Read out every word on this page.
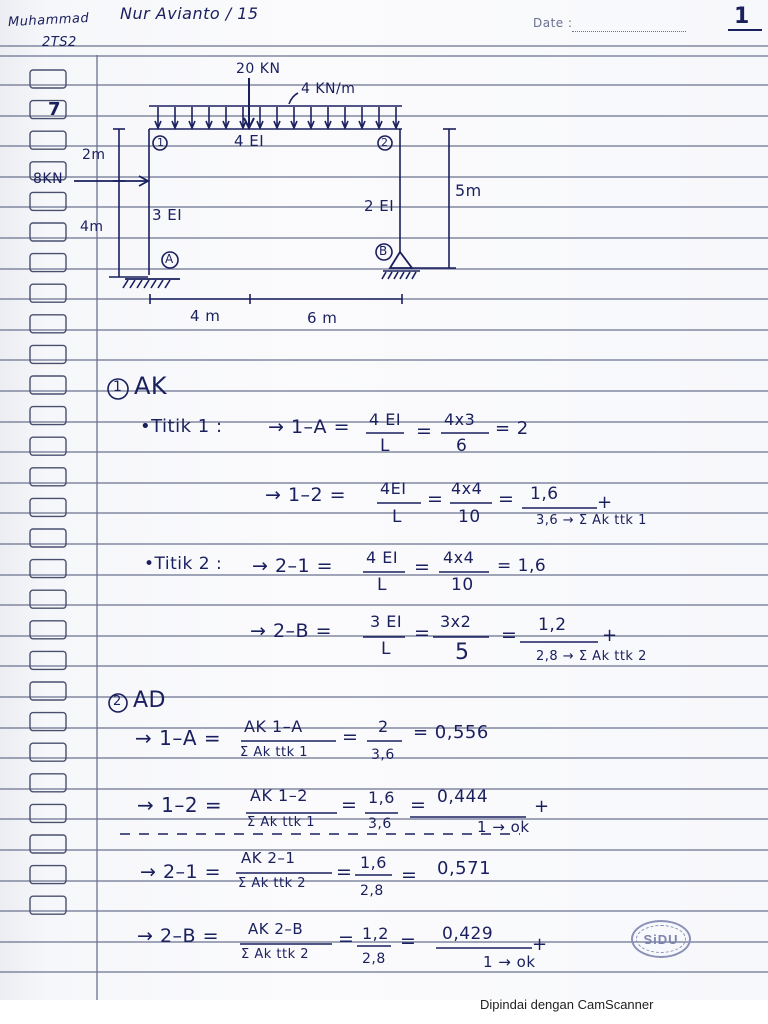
Muhammad Nur Avianto / 15
2TS2
Date :	1
7
20 KN
4 KN/m
1	2
4 EI
8KN
2m
4m
3 EI	2 EI
5m
A
B
4 m	6 m
1 AK
•Titik 1 : → 1–A = 4 EI
L
=
4x3
6
= 2
→ 1–2 = 4EI
L
= 4x4
10
= 1,6 +
3,6 → Σ Ak ttk 1
•Titik 2 : → 2–1 = 4 EI
L
= 4x4
10
= 1,6
→ 2–B = 3 EI
L
=
3x2
5
= 1,2 +
2,8 → Σ Ak ttk 2
2 AD
→ 1–A = AK 1–A
Σ Ak ttk 1
= 2
3,6
= 0,556
→ 1–2 = AK 1–2
Σ Ak ttk 1
= 1,6
3,6
= 0,444	+
1 → ok
→ 2–1 =
AK 2–1
Σ Ak ttk 2
= 1,6
2,8
= 0,571
→ 2–B = AK 2–B
Σ Ak ttk 2
= 1,2
2,8
= 0,429 +
1 → ok
SiDU
Dipindai dengan CamScanner
